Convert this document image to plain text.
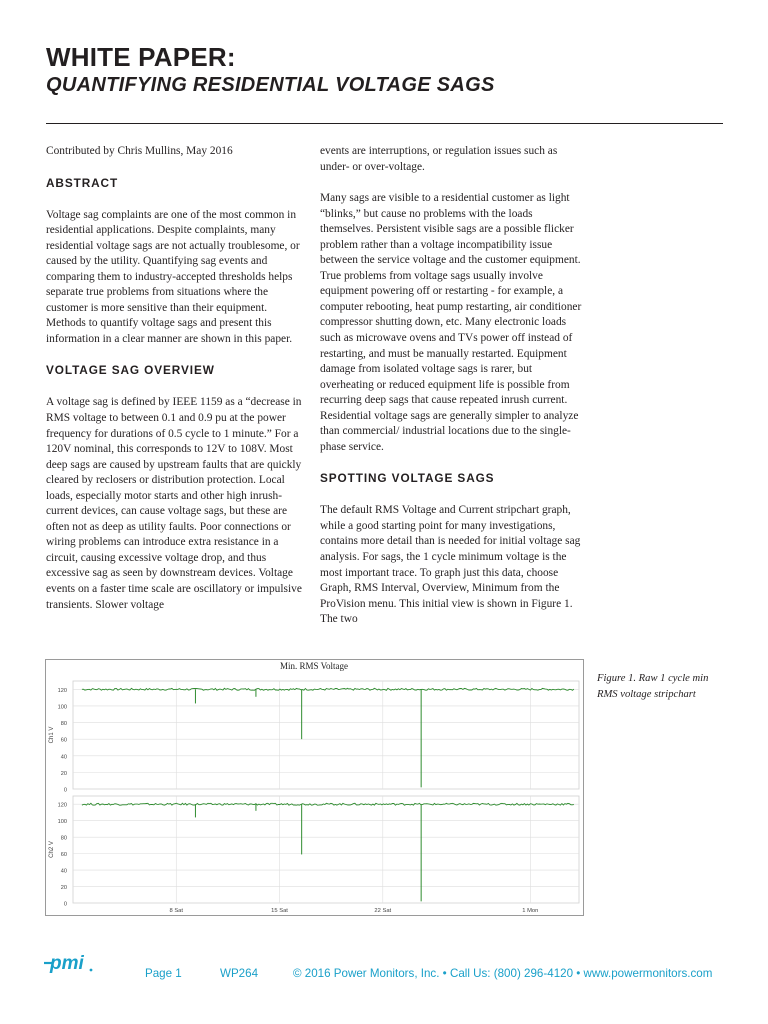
WHITE PAPER:
QUANTIFYING RESIDENTIAL VOLTAGE SAGS

Contributed by Chris Mullins, May 2016

ABSTRACT

Voltage sag complaints are one of the most common in residential applications. Despite complaints, many residential voltage sags are not actually troublesome, or caused by the utility. Quantifying sag events and comparing them to industry-accepted thresholds helps separate true problems from situations where the customer is more sensitive than their equipment. Methods to quantify voltage sags and present this information in a clear manner are shown in this paper.

VOLTAGE SAG OVERVIEW

A voltage sag is defined by IEEE 1159 as a “decrease in RMS voltage to between 0.1 and 0.9 pu at the power frequency for durations of 0.5 cycle to 1 minute.” For a 120V nominal, this corresponds to 12V to 108V. Most deep sags are caused by upstream faults that are quickly cleared by reclosers or distribution protection. Local loads, especially motor starts and other high inrush-current devices, can cause voltage sags, but these are often not as deep as utility faults. Poor connections or wiring problems can introduce extra resistance in a circuit, causing excessive voltage drop, and thus excessive sag as seen by downstream devices. Voltage events on a faster time scale are oscillatory or impulsive transients. Slower voltage

events are interruptions, or regulation issues such as under- or over-voltage.

Many sags are visible to a residential customer as light “blinks,” but cause no problems with the loads themselves. Persistent visible sags are a possible flicker problem rather than a voltage incompatibility issue between the service voltage and the customer equipment. True problems from voltage sags usually involve equipment powering off or restarting - for example, a computer rebooting, heat pump restarting, air conditioner compressor shutting down, etc. Many electronic loads such as microwave ovens and TVs power off instead of restarting, and must be manually restarted. Equipment damage from isolated voltage sags is rarer, but overheating or reduced equipment life is possible from recurring deep sags that cause repeated inrush current. Residential voltage sags are generally simpler to analyze than commercial/ industrial locations due to the single-phase service.

SPOTTING VOLTAGE SAGS

The default RMS Voltage and Current stripchart graph, while a good starting point for many investigations, contains more detail than is needed for initial voltage sag analysis. For sags, the 1 cycle minimum voltage is the most important trace. To graph just this data, choose Graph, RMS Interval, Overview, Minimum from the ProVision menu. This initial view is shown in Figure 1. The two

Min. RMS Voltage
0
20
40
60
80
100
120
Ch1 V
0
20
40
60
80
100
120
Ch2 V
8 Sat	15 Sat	22 Sat	1 Mon
Figure 1. Raw 1 cycle min RMS voltage stripchart
pmi	Page 1	WP264	© 2016 Power Monitors, Inc. • Call Us: (800) 296-4120 • www.powermonitors.com
